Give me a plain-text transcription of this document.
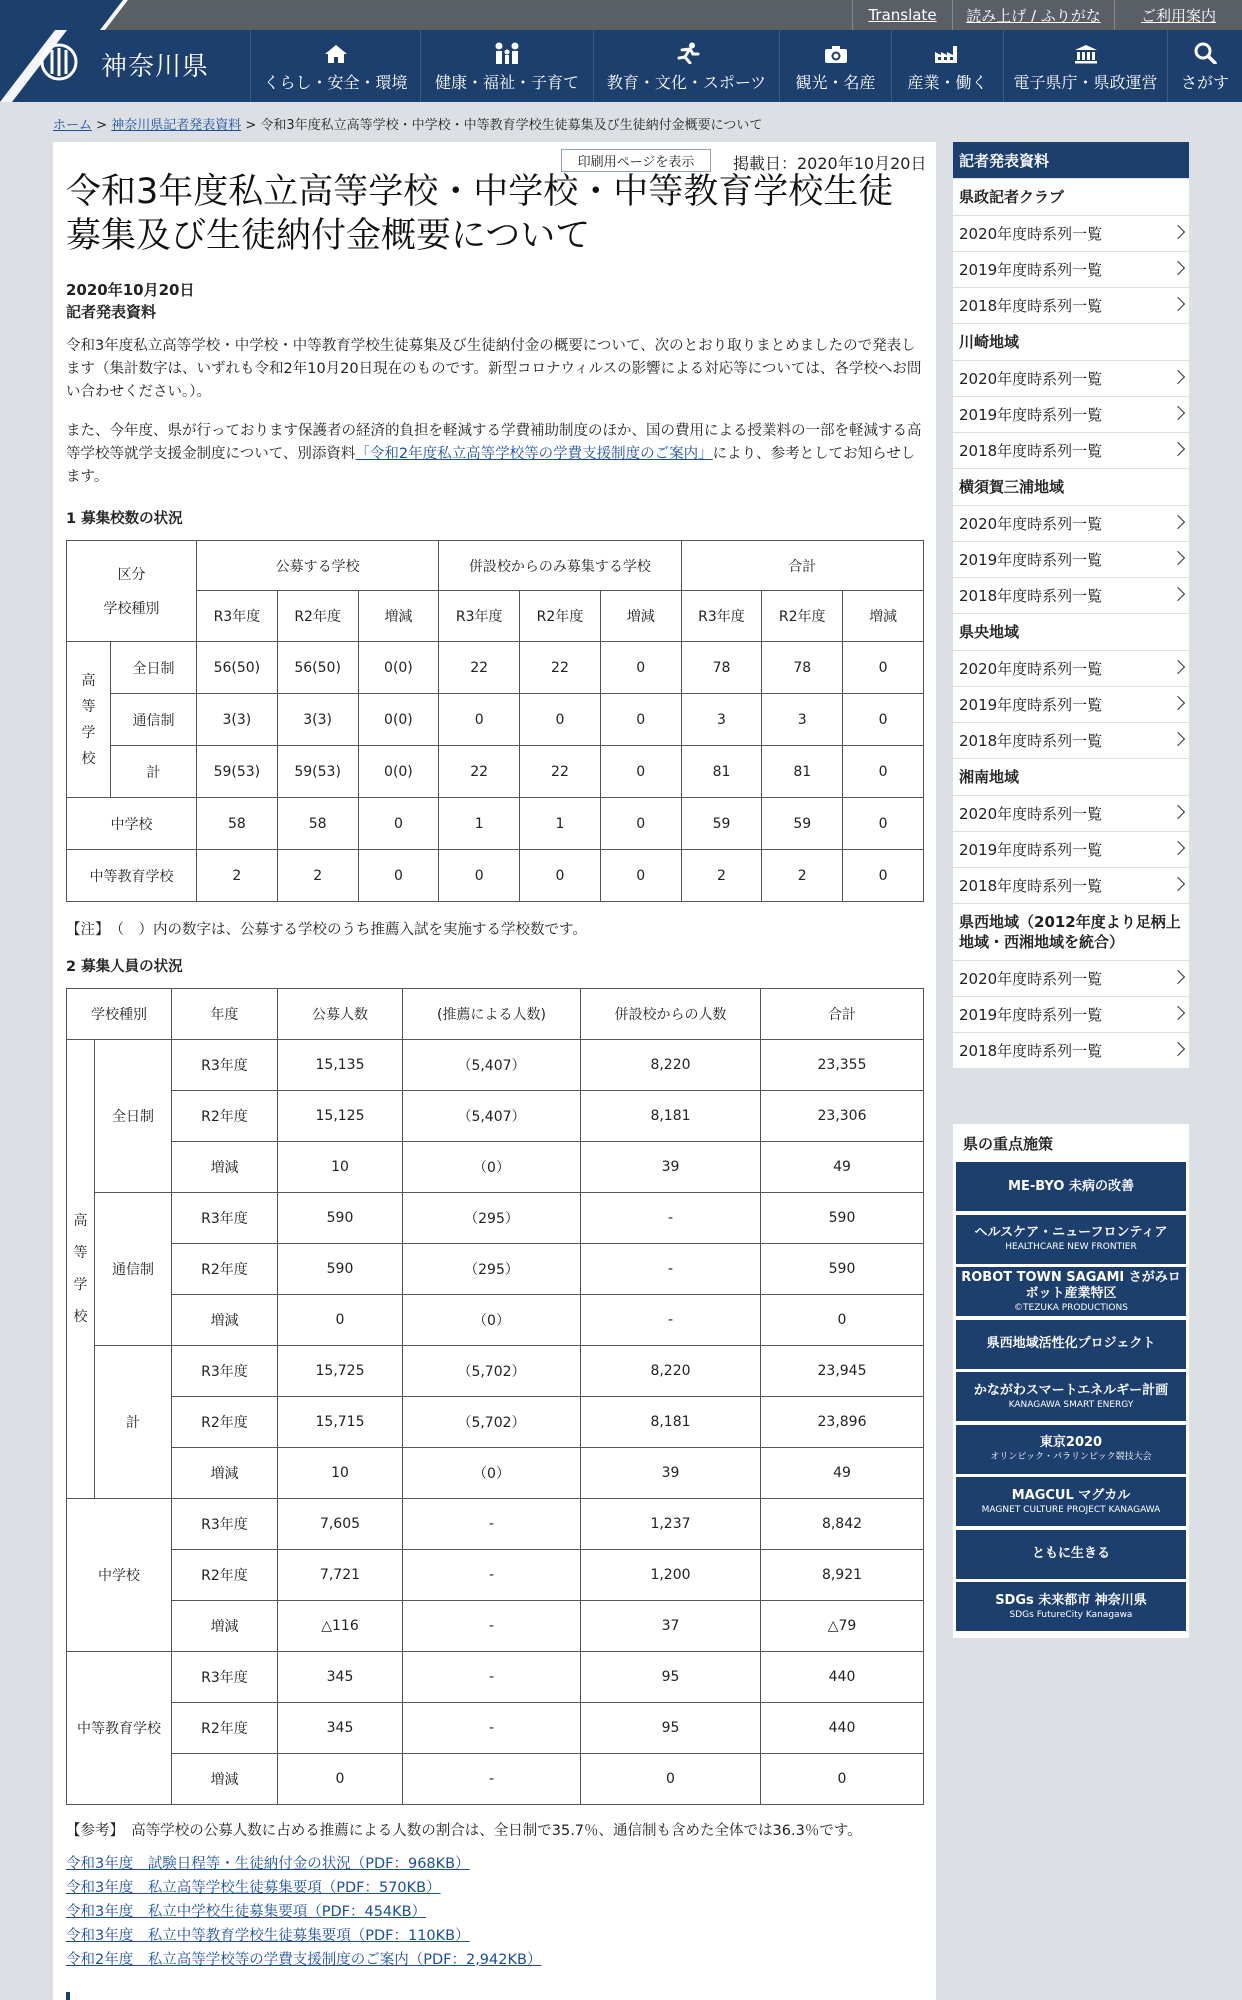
Translate	読み上げ / ふりがな	ご利用案内
KANAGAWA
神奈川県
くらし・安全・環境 健康・福祉・子育て 教育・文化・スポーツ 観光・名産 産業・働く 電子県庁・県政運営 さがす
ホーム > 神奈川県記者発表資料 > 令和3年度私立高等学校・中学校・中等教育学校生徒募集及び生徒納付金概要について
印刷用ページを表示	掲載日：2020年10月20日
令和3年度私立高等学校・中学校・中等教育学校生徒募集及び生徒納付金概要について
2020年10月20日
記者発表資料

令和3年度私立高等学校・中学校・中等教育学校生徒募集及び生徒納付金の概要について、次のとおり取りまとめましたので発表します（集計数字は、いずれも令和2年10月20日現在のものです。新型コロナウィルスの影響による対応等については、各学校へお問い合わせください。）。

また、今年度、県が行っております保護者の経済的負担を軽減する学費補助制度のほか、国の費用による授業料の一部を軽減する高等学校等就学支援金制度について、別添資料「令和2年度私立高等学校等の学費支援制度のご案内」により、参考としてお知らせします。

1 募集校数の状況
区分
学校種別		公募する学校			併設校からのみ募集する学校			合計		
		R3年度	R2年度	増減	R3年度	R2年度	増減	R3年度	R2年度	増減

高
等
学
校	全日制	56(50)	56(50)	0(0)	22	22	0	78	78	0
	通信制	3(3)	3(3)	0(0)	0	0	0	3	3	0
	計	59(53)	59(53)	0(0)	22	22	0	81	81	0
中学校		58	58	0	1	1	0	59	59	0
中等教育学校		2	2	0	0	0	0	2	2	0
【注】　（　）内の数字は、公募する学校のうち推薦入試を実施する学校数です。
2 募集人員の状況
学校種別		年度	公募人数	(推薦による人数)	併設校からの人数	合計

高
等
学
校	全日制	R3年度	15,135	（5,407）	8,220	23,355
		R2年度	15,125	（5,407）	8,181	23,306
		増減	10	（0）	39	49
	通信制	R3年度	590	（295）	-	590
		R2年度	590	（295）	-	590
		増減	0	（0）	-	0
	計	R3年度	15,725	（5,702）	8,220	23,945
		R2年度	15,715	（5,702）	8,181	23,896
		増減	10	（0）	39	49
中学校		R3年度	7,605	-	1,237	8,842
		R2年度	7,721	-	1,200	8,921
		増減	△116	-	37	△79
中等教育学校		R3年度	345	-	95	440
		R2年度	345	-	95	440
		増減	0	-	0	0
【参考】　高等学校の公募人数に占める推薦による人数の割合は、全日制で35.7％、通信制も含めた全体では36.3％です。
令和3年度　試験日程等・生徒納付金の状況（PDF：968KB）
令和3年度　私立高等学校生徒募集要項（PDF：570KB）
令和3年度　私立中学校生徒募集要項（PDF：454KB）
令和3年度　私立中等教育学校生徒募集要項（PDF：110KB）
令和2年度　私立高等学校等の学費支援制度のご案内（PDF：2,942KB）
記者発表資料
県政記者クラブ
2020年度時系列一覧
2019年度時系列一覧
2018年度時系列一覧
川崎地域
2020年度時系列一覧
2019年度時系列一覧
2018年度時系列一覧
横須賀三浦地域
2020年度時系列一覧
2019年度時系列一覧
2018年度時系列一覧
県央地域
2020年度時系列一覧
2019年度時系列一覧
2018年度時系列一覧
湘南地域
2020年度時系列一覧
2019年度時系列一覧
2018年度時系列一覧
県西地域（2012年度より足柄上地域・西湘地域を統合）
2020年度時系列一覧
2019年度時系列一覧
2018年度時系列一覧
県の重点施策
ME-BYO 未病の改善
ヘルスケア・ニューフロンティア
HEALTHCARE NEW FRONTIER
ROBOT TOWN SAGAMI さがみロボット産業特区
©TEZUKA PRODUCTIONS
県西地域活性化プロジェクト
かながわスマートエネルギー計画
KANAGAWA SMART ENERGY
東京2020
オリンピック・パラリンピック競技大会
MAGCUL マグカル
MAGNET CULTURE PROJECT KANAGAWA
ともに生きる
SDGs 未来都市 神奈川県
SDGs FutureCity Kanagawa
